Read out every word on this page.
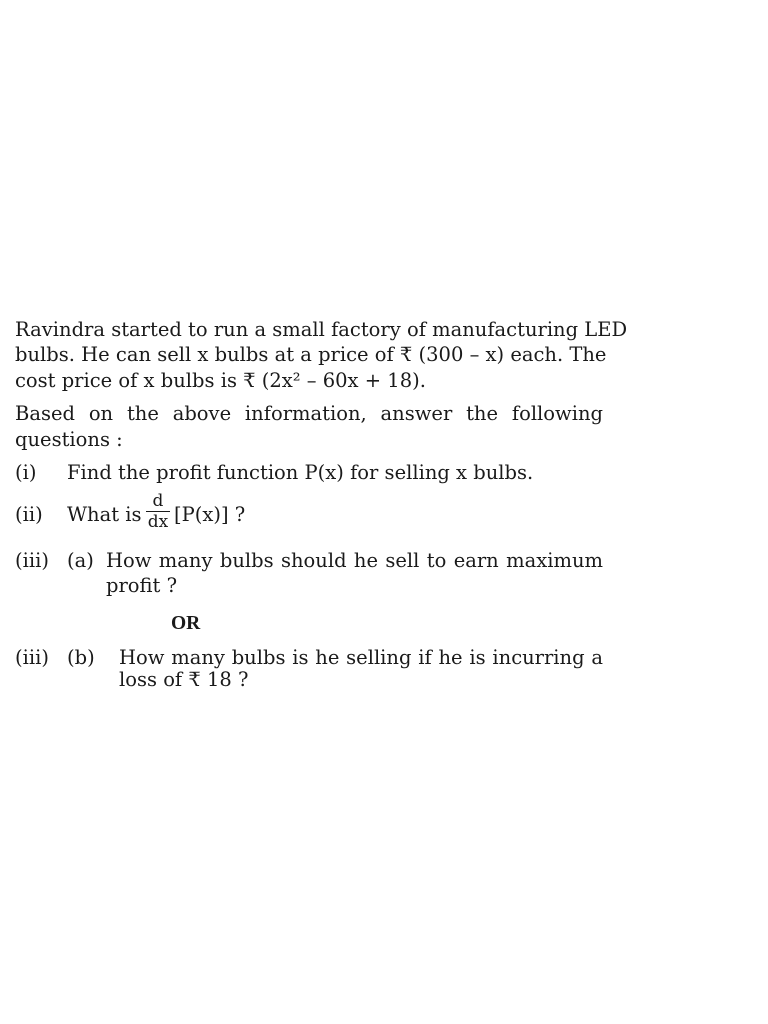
Ravindra started to run a small factory of manufacturing LED
bulbs. He can sell x bulbs at a price of ₹ (300 – x) each. The
cost price of x bulbs is ₹ (2x² – 60x + 18).
Based on the above information, answer the following
questions :
(i) Find the profit function P(x) for selling x bulbs.
(ii) What is $\frac{d}{dx} [P(x)]$ ?
(iii) (a) How many bulbs should he sell to earn maximum
profit ?
OR
(iii) (b) How many bulbs is he selling if he is incurring a
loss of ₹ 18 ?
